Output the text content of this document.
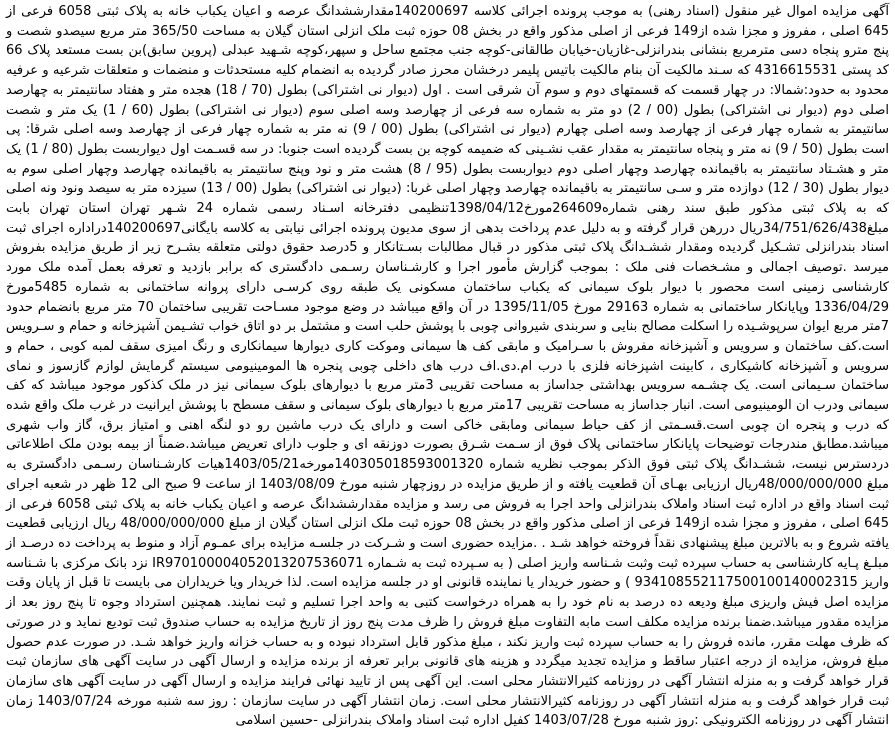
آگهی مزایده اموال غیر منقول (اسناد رهنی) به موجب پرونده اجرائی کلاسه 140200697مقدارششدانگ عرصه و اعیان یکباب خانه به پلاک ثبتی 6058 فرعی از 645 اصلی ، مفروز و مجزا شده از149 فرعی از اصلی مذکور واقع در بخش 08 حوزه ثبت ملک انزلی استان گیلان به مساحت 365/50 متر مربع سیصدو شصت و پنج مترو پنجاه دسی مترمربع بنشانی بندرانزلی-غازیان-خیابان طالقانی-کوچه جنب مجتمع ساحل و سپهر،کوچه شـهید عبدلی (پروین سابق)بن بست مستعد پلاک 66 کد پستی 4316615531 که سـند مالکیت آن بنام مالکیت باتیس پلیمر درخشان محرز صادر گردیده به انضمام کلیه مستحدثات و منضمات و متعلقات شرعیه و عرفیه محدود به حدود:شمالا: در چهار قسمت که قسمتهای دوم و سوم آن شرقی است . اول (دیوار نی اشتراکی) بطول (70 / 18) هجده متر و هفتاد سانتیمتر به چهارصد اصلی دوم (دیوار نی اشتراکی) بطول (00 / 2) دو متر به شماره سه فرعی از چهارصد وسه اصلی سوم (دیوار نی اشتراکی) بطول (60 / 1) یک متر و شصت سانتیمتر به شماره چهار فرعی از چهارصد وسه اصلی چهارم (دیوار نی اشتراکی) بطول (00 / 9) نه متر به شماره چهار فرعی از چهارصد وسه اصلی شرقا: پی است بطول (50 / 9) نه متر و پنجاه سانتیمتر به مقدار عقب نشـینی که ضمیمه کوچه بن بست گردیده است جنوبا: در سه قسـمت اول دیواربست بطول (80 / 1) یک متر و هشـتاد سانتیمتر به باقیمانده چهارصد وچهار اصلی دوم دیواربست بطول (95 / 8) هشت متر و نود وپنج سانتیمتر به باقیمانده چهارصد وچهار اصلی سوم به دیوار بطول (30 / 12) دوازده متر و سـی سانتیمتر به باقیمانده چهارصد وچهار اصلی غربا: (دیوار نی اشتراکی) بطول (00 / 13) سیزده متر به سیصد ونود ونه اصلی که به پلاک ثبتی مذکور طبق سند رهنی شماره264609مورخ1398/04/12تنظیمی دفترخانه اسـناد رسمی شماره 24 شـهر تهران استان تهران بابت مبلغ34/751/626/438ریال دررهن قرار گرفته و به دلیل عدم پرداخت بدهی از سوی مدیون پرونده اجرائی نیابتی به کلاسه بایگانی140200697دراداره اجرای ثبت اسناد بندرانزلی تشـکیل گردیده ومقدار ششـدانگ پلاک ثبتی مذکور در قبال مطالبات بسـتانکار و 5درصد حقوق دولتی متعلقه بشـرح زیر از طریق مزایده بفروش میرسد .توصیف اجمالی و مشـخصات فنی ملک : بموجب گزارش مأمور اجرا و کارشـناسان رسـمی دادگستری که برابر بازدید و تعرفه بعمل آمده ملک مورد کارشناسی زمینی است محصور با دیوار بلوک سیمانی که یکباب ساختمان مسکونی یک طبقه روی کرسـی دارای پروانه ساختمانی به شماره 5485مورخ 1336/04/29 وپایانکار ساختمانی به شماره 29163 مورخ 1395/11/05 در آن واقع میباشد در وضع موجود مسـاحت تقریبی ساختمان 70 متر مربع بانضمام حدود 7متر مربع ایوان سرپوشـیده را اسکلت مصالح بنایی و سربندی شیروانی چوبی با پوشش حلب است و مشتمل بر دو اتاق خواب تشـیمن آشپزخانه و حمام و سـرویس است.کف ساختمان و سرویس و آشپزخانه مفروش با سـرامیک و مابقی کف ها سیمانی وموکت کاری دیوارها سیمانکاری و رنگ امیزی سقف لمبه کوبی ، حمام و سرویس و آشپزخانه کاشیکاری ، کابینت اشپزخانه فلزی با درب ام.دی.اف درب های داخلی چوبی پنجره ها المومینیومی سیستم گرمایش لوازم گازسوز و نمای ساختمان سـیمانی است. یک چشـمه سرویس بهداشتی جداساز به مساحت تقریبی 3متر مربع با دیوارهای بلوک سیمانی نیز در ملک کذکور موجود میباشد که کف سیمانی ودرب ان الومینیومی است. انبار جداساز به مساحت تقریبی 17متر مربع با دیوارهای بلوک سیمانی و سقف مسطح با پوشش ایرانیت در غرب ملک واقع شده که درب و پنجره ان چوبی است.قسـمتی از کف حیاط سیمانی ومابقی خاکی است و دارای یک درب ماشین رو دو لنگه اهنی و امتیاز برق، گاز واب شهری میباشد.مطابق مندرجات توضیحات پایانکار ساختمانی پلاک فوق از سـمت شـرق بصورت دوزنقه ای و جلوب دارای تعریض میباشد.ضمناً از بیمه بودن ملک اطلاعاتی دردسترس نیست، ششـدانگ پلاک ثبتی فوق الذکر بموجب نظریه شماره 140305018593001320مورخه1403/05/21هیات کارشـناسان رسـمی دادگستری به مبلغ 48/000/000/000ریال ارزیابی بهـای آن قطعیت یافته و از طریق مزایده در روزچهار شنبه مورخ 1403/08/09 از ساعت 9 صبح الی 12 ظهر در شعبه اجرای ثبت اسناد واقع در اداره ثبت اسناد واملاک بندرانزلی واحد اجرا به فروش می رسد و مزایده مقدارششدانگ عرصه و اعیان یکباب خانه به پلاک ثبتی 6058 فرعی از 645 اصلی ، مفروز و مجزا شده از149 فرعی از اصلی مذکور واقع در بخش 08 حوزه ثبت ملک انزلی استان گیلان از مبلغ 48/000/000/000 ریال ارزیابی قطعیت یافته شروع و به بالاترین مبلغ پیشنهادی نقداً فروخته خواهد شـد . .مزایده حضوری است و شـرکت در جلسـه مزایده برای عمـوم آزاد و منوط به پرداخت ده درصـد از مبلـغ پـایه کارشناسی به حساب سپرده ثبت وثبت شـناسه واریز اصلی ( به سـپرده ثبت به شـماره IR970100004052013207536071 نزد بانک مرکزی با شـناسه واریز 934108552117500100140002315 ) و حضور خریدار یا نماینده قانونی او در جلسه مزایده است. لذا خریدار ویا خریداران می بایست تا قبل از پایان وقت مزایده اصل فیش واریزی مبلغ ودیعه ده درصد به نام خود را به همراه درخواست کتبی به واحد اجرا تسلیم و ثبت نمایند. همچنین استرداد وجوه تا پنج روز بعد از مزایده مقدور میباشد.ضمنا برنده مزایده مکلف است مابه التفاوت مبلغ فروش را ظرف مدت پنج روز از تاریخ مزایده به حساب صندوق ثبت تودیع نماید و در صورتی که ظرف مهلت مقرر، مانده فروش را به حساب سپرده ثبت واریز نکند ، مبلغ مذکور قابل استرداد نبوده و به حساب خزانه واریز خواهد شـد. در صورت عدم حصول مبلغ فروش، مزایده از درجه اعتبار ساقط و مزایده تجدید میگردد و هزینه های قانونی برابر تعرفه از برنده مزایده و ارسال آگهی در سایت آگهی های سازمان ثبت قرار خواهد گرفت و به منزله انتشار آگهی در روزنامه کثیرالانتشار محلی است. این آگهی پس از تایید نهائی فرایند مزایده و ارسال آگهی در سایت آگهی های سازمان ثبت قرار خواهد گرفت و به منزله انتشار آگهی در روزنامه کثیرالانتشار محلی است. زمان انتشار آگهی در سایت سازمان : روز سه شنبه مورخه 1403/07/24 زمان انتشار آگهی در روزنامه الکترونیکی :روز شنبه مورخ 1403/07/28 کفیل اداره ثبت اسناد واملاک بندرانزلی -حسین اسلامی
